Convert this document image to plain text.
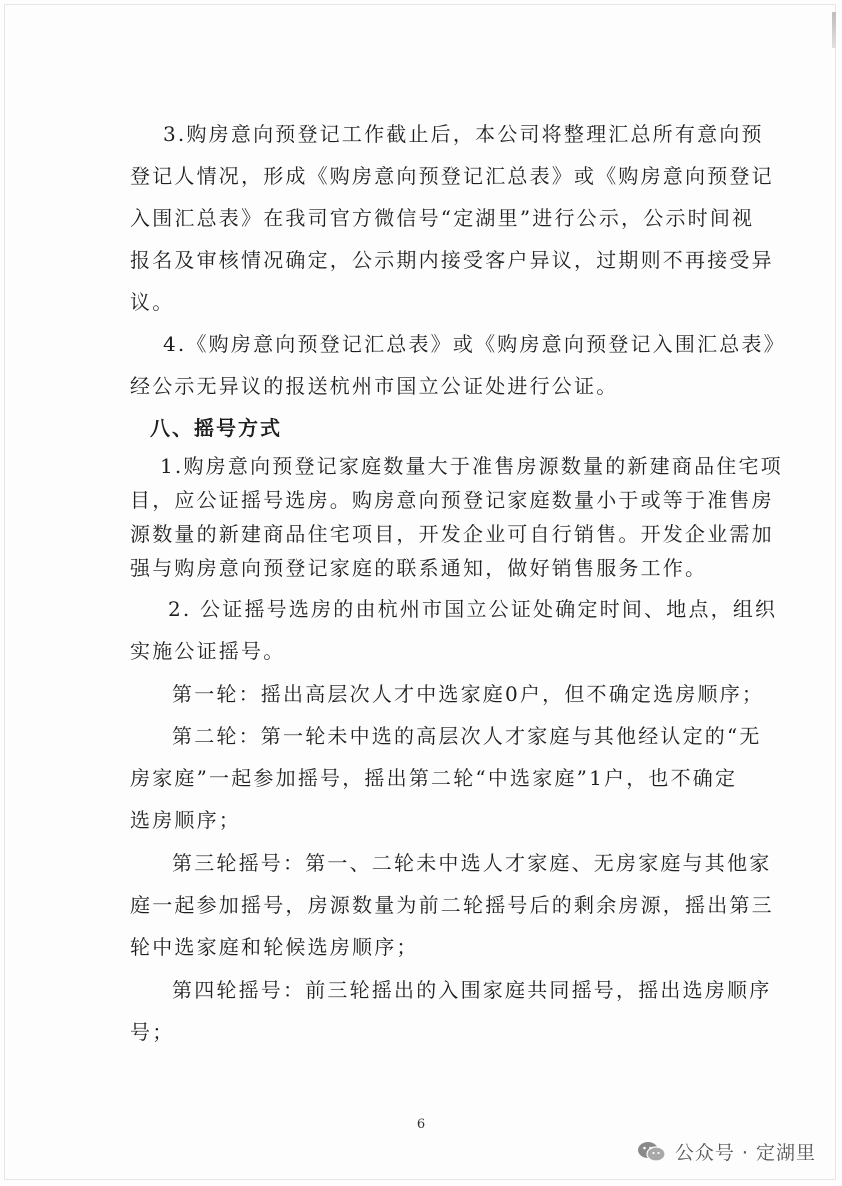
3.购房意向预登记工作截止后，本公司将整理汇总所有意向预
登记人情况，形成《购房意向预登记汇总表》或《购房意向预登记
入围汇总表》在我司官方微信号“定湖里”进行公示，公示时间视
报名及审核情况确定，公示期内接受客户异议，过期则不再接受异
议。
4.《购房意向预登记汇总表》或《购房意向预登记入围汇总表》
经公示无异议的报送杭州市国立公证处进行公证。
八、摇号方式
1.购房意向预登记家庭数量大于准售房源数量的新建商品住宅项
目，应公证摇号选房。购房意向预登记家庭数量小于或等于准售房
源数量的新建商品住宅项目，开发企业可自行销售。开发企业需加
强与购房意向预登记家庭的联系通知，做好销售服务工作。
2. 公证摇号选房的由杭州市国立公证处确定时间、地点，组织
实施公证摇号。
第一轮：摇出高层次人才中选家庭0户，但不确定选房顺序；
第二轮：第一轮未中选的高层次人才家庭与其他经认定的“无
房家庭”一起参加摇号，摇出第二轮“中选家庭”1户，也不确定
选房顺序；
第三轮摇号：第一、二轮未中选人才家庭、无房家庭与其他家
庭一起参加摇号，房源数量为前二轮摇号后的剩余房源，摇出第三
轮中选家庭和轮候选房顺序；
第四轮摇号：前三轮摇出的入围家庭共同摇号，摇出选房顺序
号；
6
公众号 · 定湖里
